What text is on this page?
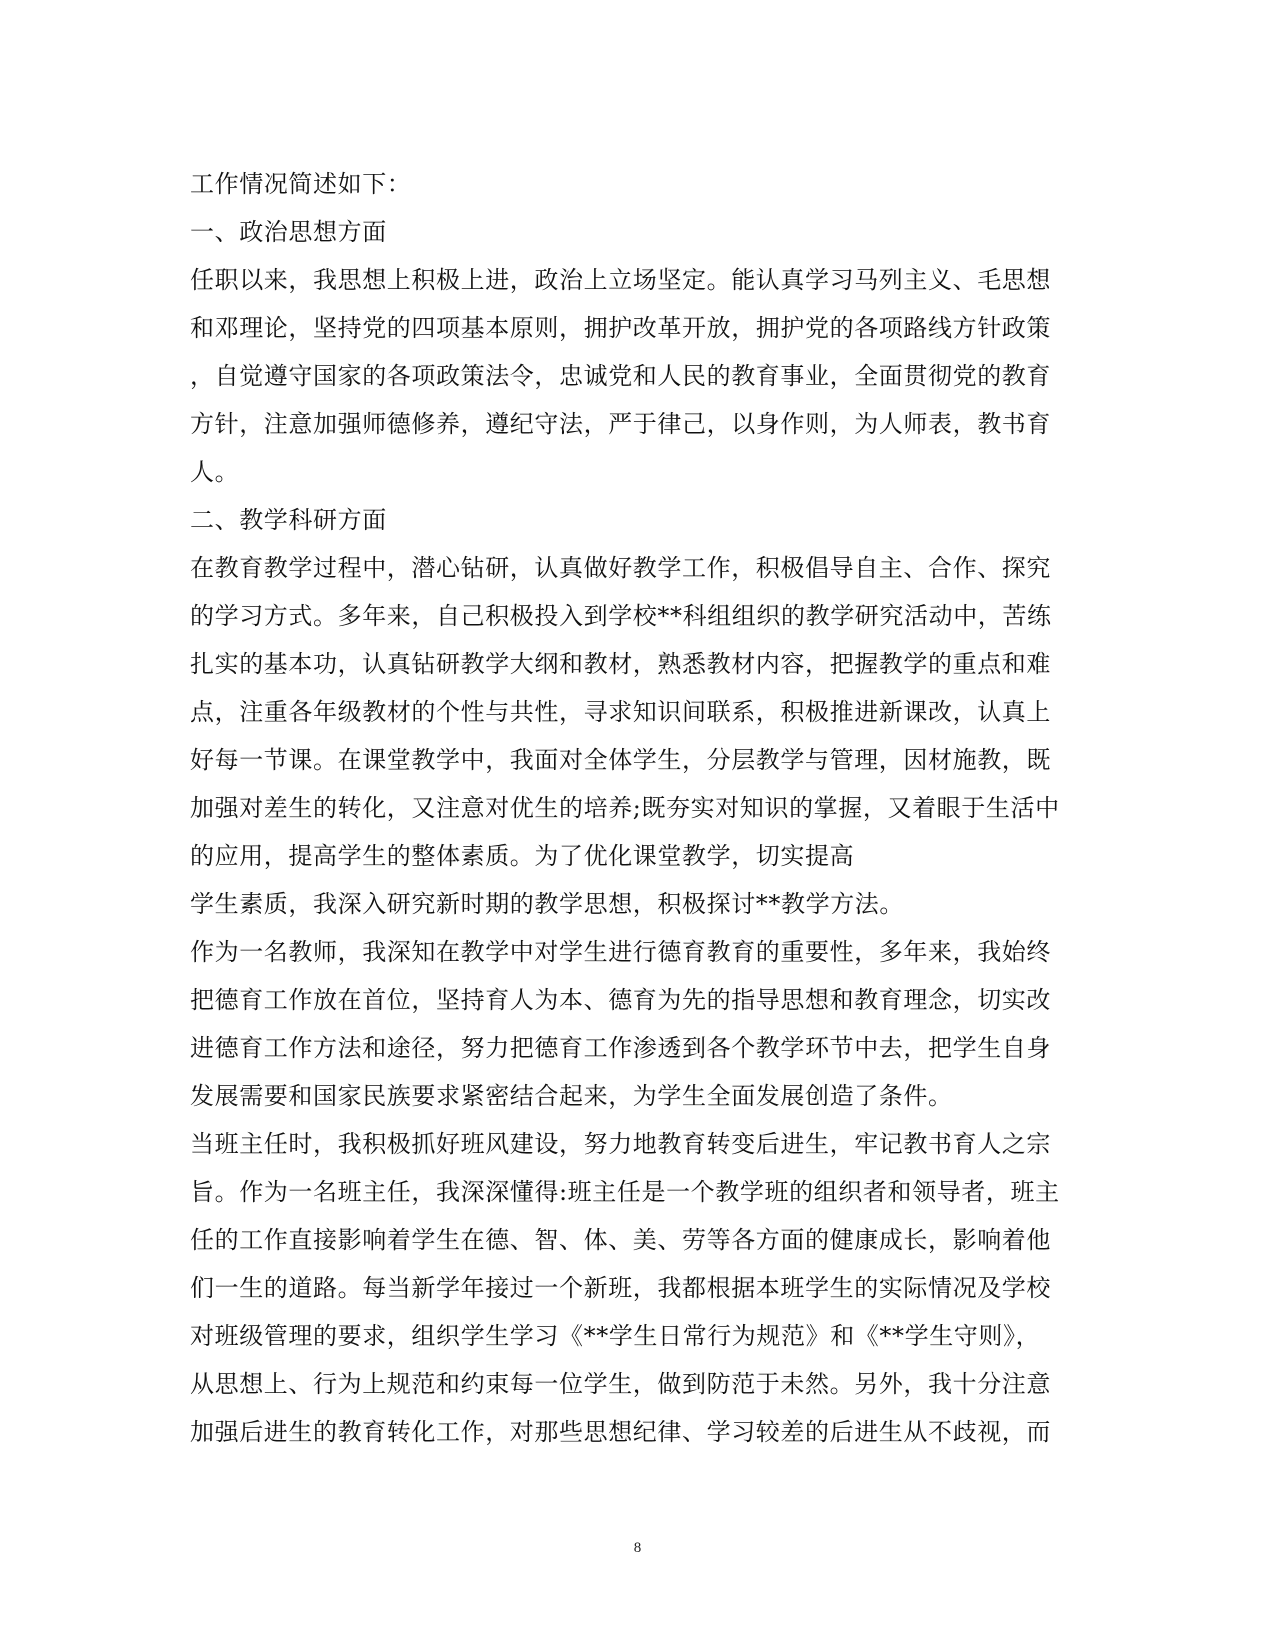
工作情况简述如下：
一、政治思想方面
任职以来，我思想上积极上进，政治上立场坚定。能认真学习马列主义、毛思想
和邓理论，坚持党的四项基本原则，拥护改革开放，拥护党的各项路线方针政策
，自觉遵守国家的各项政策法令，忠诚党和人民的教育事业，全面贯彻党的教育
方针，注意加强师德修养，遵纪守法，严于律己，以身作则，为人师表，教书育
人。
二、教学科研方面
在教育教学过程中，潜心钻研，认真做好教学工作，积极倡导自主、合作、探究
的学习方式。多年来，自己积极投入到学校**科组组织的教学研究活动中，苦练
扎实的基本功，认真钻研教学大纲和教材，熟悉教材内容，把握教学的重点和难
点，注重各年级教材的个性与共性，寻求知识间联系，积极推进新课改，认真上
好每一节课。在课堂教学中，我面对全体学生，分层教学与管理，因材施教，既
加强对差生的转化，又注意对优生的培养;既夯实对知识的掌握，又着眼于生活中
的应用，提高学生的整体素质。为了优化课堂教学，切实提高
学生素质，我深入研究新时期的教学思想，积极探讨**教学方法。
作为一名教师，我深知在教学中对学生进行德育教育的重要性，多年来，我始终
把德育工作放在首位，坚持育人为本、德育为先的指导思想和教育理念，切实改
进德育工作方法和途径，努力把德育工作渗透到各个教学环节中去，把学生自身
发展需要和国家民族要求紧密结合起来，为学生全面发展创造了条件。
当班主任时，我积极抓好班风建设，努力地教育转变后进生，牢记教书育人之宗
旨。作为一名班主任，我深深懂得:班主任是一个教学班的组织者和领导者，班主
任的工作直接影响着学生在德、智、体、美、劳等各方面的健康成长，影响着他
们一生的道路。每当新学年接过一个新班，我都根据本班学生的实际情况及学校
对班级管理的要求，组织学生学习《**学生日常行为规范》和《**学生守则》，
从思想上、行为上规范和约束每一位学生，做到防范于未然。另外，我十分注意
加强后进生的教育转化工作，对那些思想纪律、学习较差的后进生从不歧视，而
8
